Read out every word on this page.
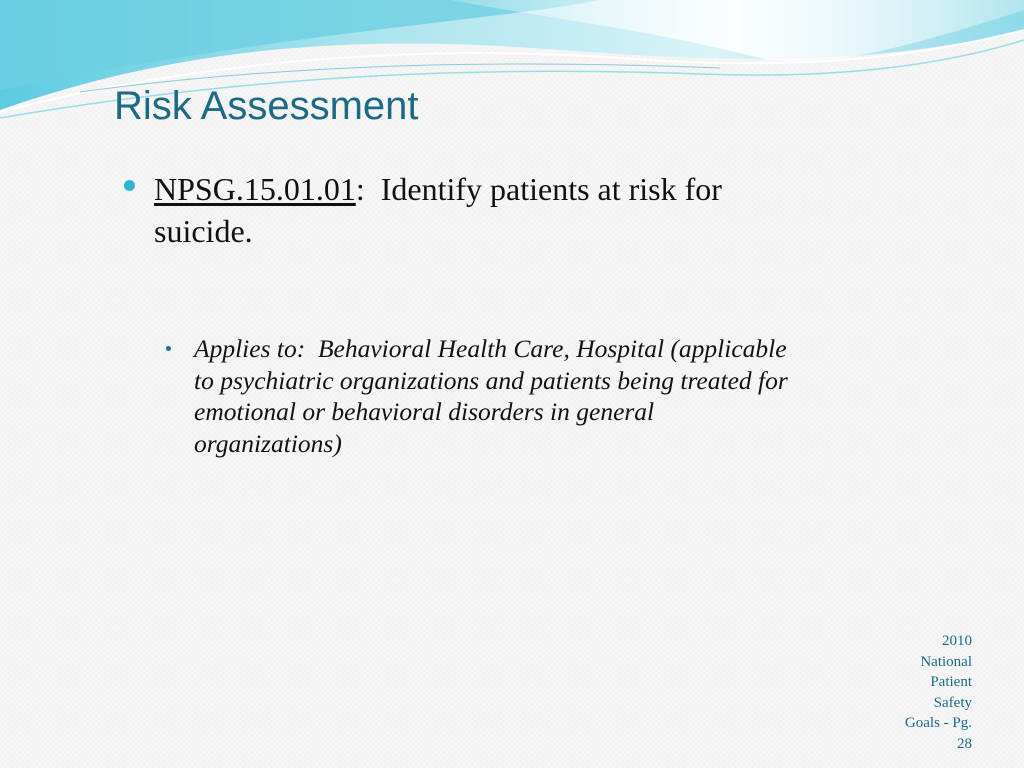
Risk Assessment
NPSG.15.01.01:  Identify patients at risk for suicide.
Applies to:  Behavioral Health Care, Hospital (applicable to psychiatric organizations and patients being treated for emotional or behavioral disorders in general organizations)
2010
National
Patient
Safety
Goals - Pg.
28
